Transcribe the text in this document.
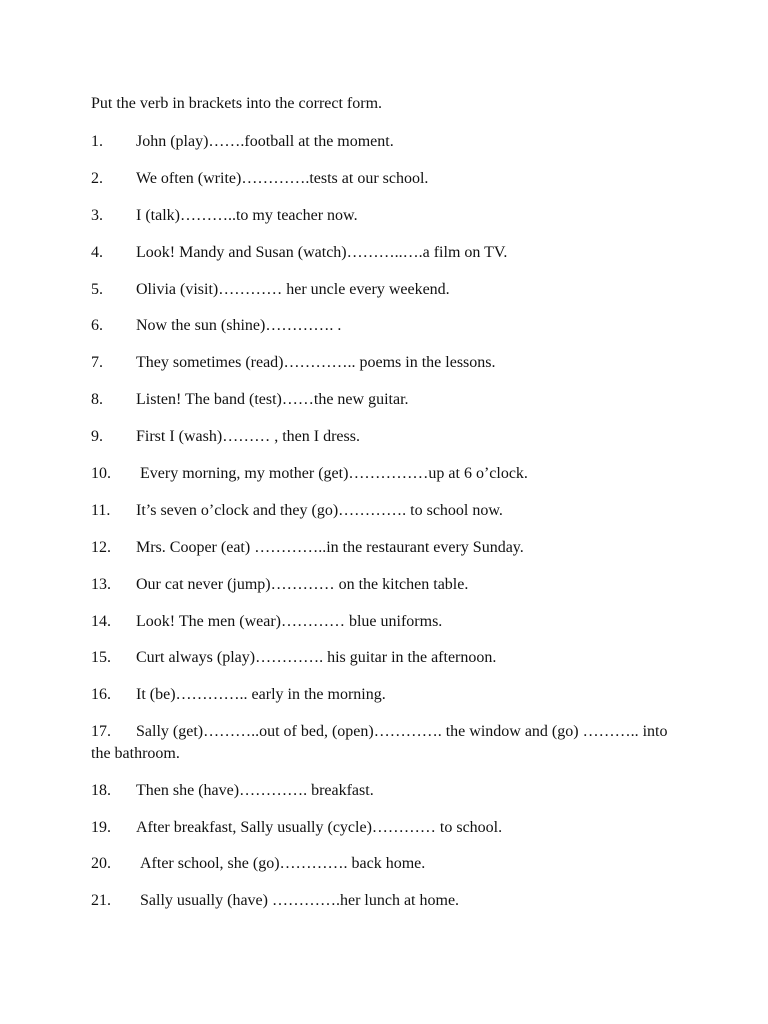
Put the verb in brackets into the correct form.
1. John (play)…….football at the moment.
2. We often (write)………….tests at our school.
3. I (talk)………..to my teacher now.
4. Look! Mandy and Susan (watch)………..….a film on TV.
5. Olivia (visit)………… her uncle every weekend.
6. Now the sun (shine)…………. .
7. They sometimes (read)………….. poems in the lessons.
8. Listen! The band (test)……the new guitar.
9. First I (wash)……… , then I dress.
10. Every morning, my mother (get)……………up at 6 o’clock.
11. It’s seven o’clock and they (go)…………. to school now.
12. Mrs. Cooper (eat) …………..in the restaurant every Sunday.
13. Our cat never (jump)………… on the kitchen table.
14. Look! The men (wear)………… blue uniforms.
15. Curt always (play)…………. his guitar in the afternoon.
16. It (be)………….. early in the morning.
17. Sally (get)………..out of bed, (open)…………. the window and (go) ……….. into the bathroom.
18. Then she (have)…………. breakfast.
19. After breakfast, Sally usually (cycle)………… to school.
20. After school, she (go)…………. back home.
21. Sally usually (have) ………….her lunch at home.
